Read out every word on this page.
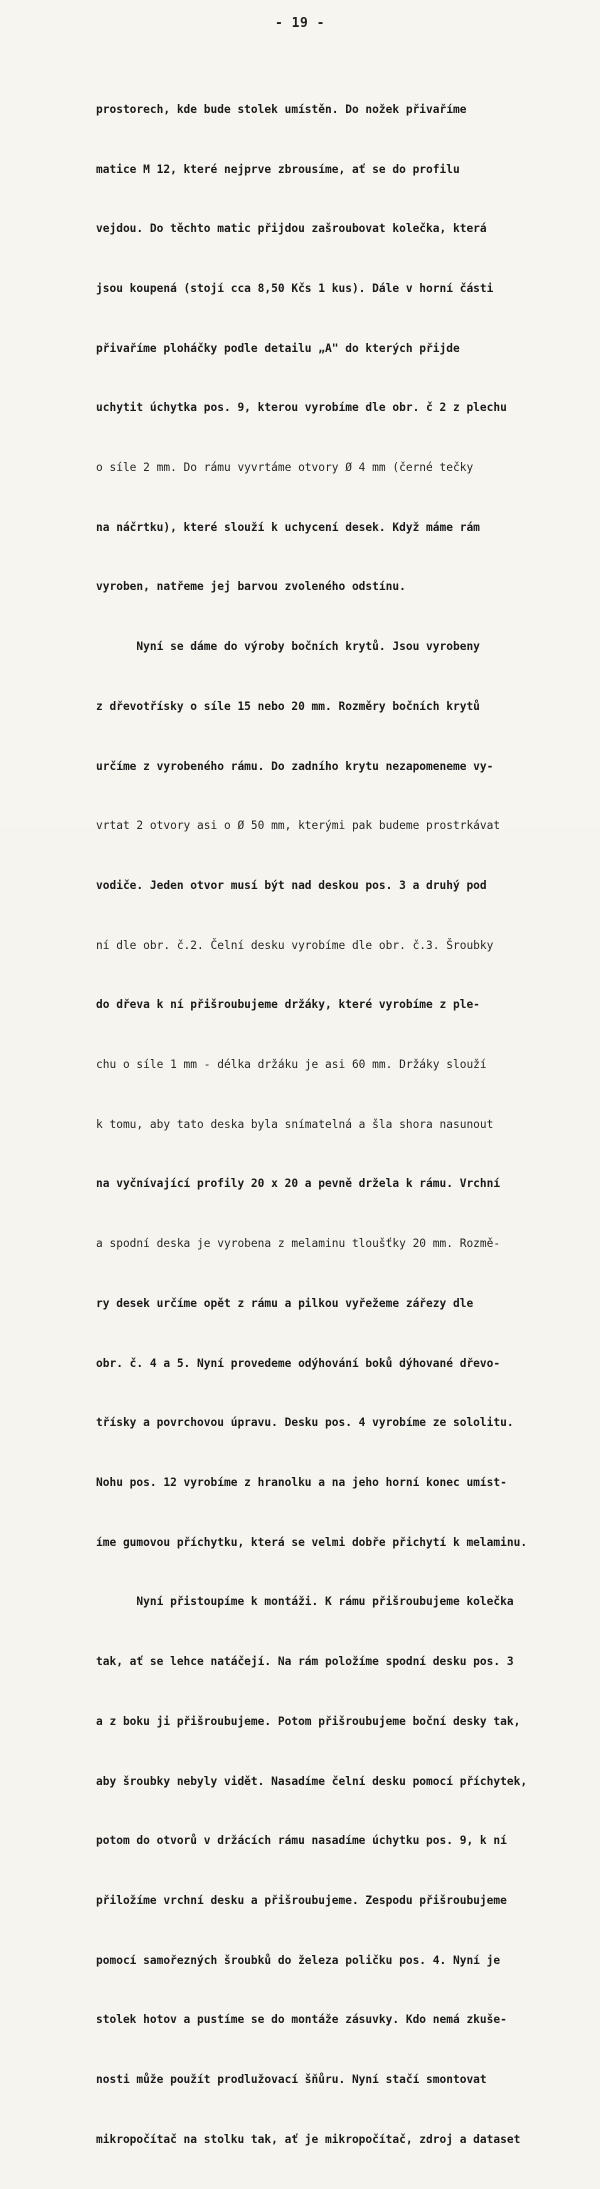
- 19 -

prostorech, kde bude stolek umístěn. Do nožek přivaříme

matice M 12, které nejprve zbrousíme, ať se do profilu

vejdou. Do těchto matic přijdou zašroubovat kolečka, která

jsou koupená (stojí cca 8,50 Kčs 1 kus). Dále v horní části

přivaříme ploháčky podle detailu „A" do kterých přijde

uchytit úchytka pos. 9, kterou vyrobíme dle obr. č 2 z plechu

o síle 2 mm. Do rámu vyvrtáme otvory Ø 4 mm (černé tečky

na náčrtku), které slouží k uchycení desek. Když máme rám

vyroben, natřeme jej barvou zvoleného odstínu.

Nyní se dáme do výroby bočních krytů. Jsou vyrobeny

z dřevotřísky o síle 15 nebo 20 mm. Rozměry bočních krytů

určíme z vyrobeného rámu. Do zadního krytu nezapomeneme vy-

vrtat 2 otvory asi o Ø 50 mm, kterými pak budeme prostrkávat

vodiče. Jeden otvor musí být nad deskou pos. 3 a druhý pod

ní dle obr. č.2. Čelní desku vyrobíme dle obr. č.3. Šroubky

do dřeva k ní přišroubujeme držáky, které vyrobíme z ple-

chu o síle 1 mm - délka držáku je asi 60 mm. Držáky slouží

k tomu, aby tato deska byla snímatelná a šla shora nasunout

na vyčnívající profily 20 x 20 a pevně držela k rámu. Vrchní

a spodní deska je vyrobena z melaminu tloušťky 20 mm. Rozmě-

ry desek určíme opět z rámu a pilkou vyřežeme zářezy dle

obr. č. 4 a 5. Nyní provedeme odýhování boků dýhované dřevo-

třísky a povrchovou úpravu. Desku pos. 4 vyrobíme ze sololitu.

Nohu pos. 12 vyrobíme z hranolku a na jeho horní konec umíst-

íme gumovou příchytku, která se velmi dobře přichytí k melaminu.

Nyní přistoupíme k montáži. K rámu přišroubujeme kolečka

tak, ať se lehce natáčejí. Na rám položíme spodní desku pos. 3

a z boku ji přišroubujeme. Potom přišroubujeme boční desky tak,

aby šroubky nebyly vidět. Nasadíme čelní desku pomocí příchytek,

potom do otvorů v držácích rámu nasadíme úchytku pos. 9, k ní

přiložíme vrchní desku a přišroubujeme. Zespodu přišroubujeme

pomocí samořezných šroubků do železa poličku pos. 4. Nyní je

stolek hotov a pustíme se do montáže zásuvky. Kdo nemá zkuše-

nosti může použít prodlužovací šňůru. Nyní stačí smontovat

mikropočítač na stolku tak, ať je mikropočítač, zdroj a dataset
